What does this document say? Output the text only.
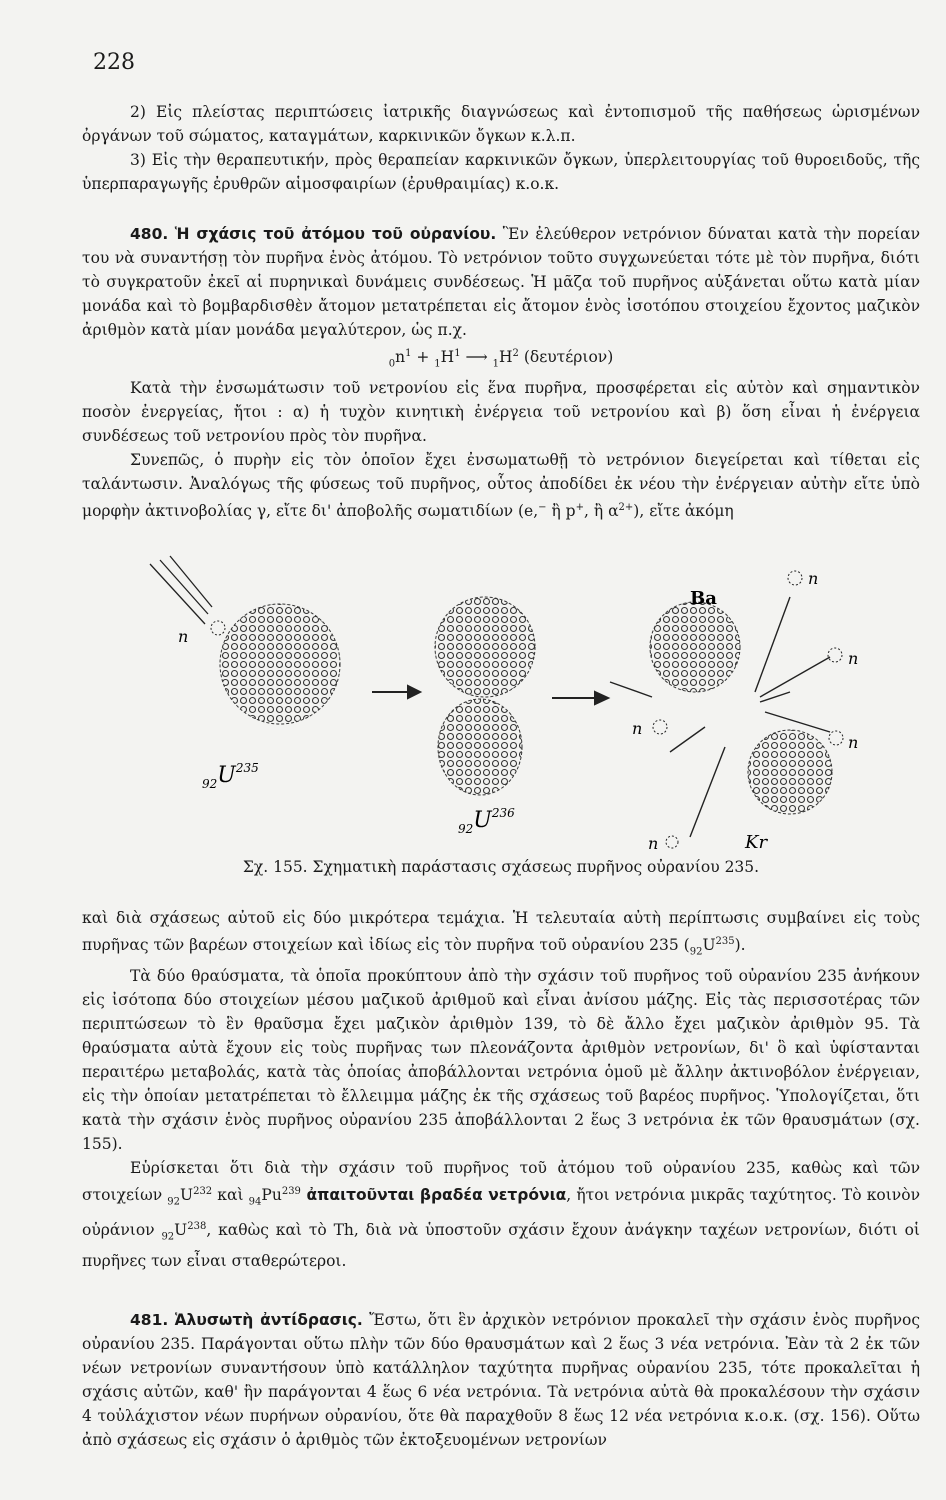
228

2) Εἰς πλείστας περιπτώσεις ἰατρικῆς διαγνώσεως καὶ ἐντοπισμοῦ τῆς παθήσεως ὡρισμένων ὀργάνων τοῦ σώματος, καταγμάτων, καρκινικῶν ὄγκων κ.λ.π.

3) Εἰς τὴν θεραπευτικήν, πρὸς θεραπείαν καρκινικῶν ὄγκων, ὑπερλειτουργίας τοῦ θυροειδοῦς, τῆς ὑπερπαραγωγῆς ἐρυθρῶν αἱμοσφαιρίων (ἐρυθραιμίας) κ.ο.κ.

480. Ἡ σχάσις τοῦ ἀτόμου τοῦ οὐρανίου. Ἓν ἐλεύθερον νετρόνιον δύναται κατὰ τὴν πορείαν του νὰ συναντήσῃ τὸν πυρῆνα ἑνὸς ἀτόμου. Τὸ νετρόνιον τοῦτο συγχωνεύεται τότε μὲ τὸν πυρῆνα, διότι τὸ συγκρατοῦν ἐκεῖ αἱ πυρηνικαὶ δυνάμεις συνδέσεως. Ἡ μᾶζα τοῦ πυρῆνος αὐξάνεται οὕτω κατὰ μίαν μονάδα καὶ τὸ βομβαρδισθὲν ἄτομον μετατρέπεται εἰς ἄτομον ἑνὸς ἰσοτόπου στοιχείου ἔχοντος μαζικὸν ἀριθμὸν κατὰ μίαν μονάδα μεγαλύτερον, ὡς π.χ.

$_0n^1 + _1H^1$ ⟶ $_1H^2$ (δευτέριον)

Κατὰ τὴν ἐνσωμάτωσιν τοῦ νετρονίου εἰς ἕνα πυρῆνα, προσφέρεται εἰς αὐτὸν καὶ σημαντικὸν ποσὸν ἐνεργείας, ἤτοι : α) ἡ τυχὸν κινητικὴ ἐνέργεια τοῦ νετρονίου καὶ β) ὅση εἶναι ἡ ἐνέργεια συνδέσεως τοῦ νετρονίου πρὸς τὸν πυρῆνα.

Συνεπῶς, ὁ πυρὴν εἰς τὸν ὁποῖον ἔχει ἐνσωματωθῇ τὸ νετρόνιον διεγείρεται καὶ τίθεται εἰς ταλάντωσιν. Ἀναλόγως τῆς φύσεως τοῦ πυρῆνος, οὗτος ἀποδίδει ἐκ νέου τὴν ἐνέργειαν αὐτὴν εἴτε ὑπὸ μορφὴν ἀκτινοβολίας γ, εἴτε δι' ἀποβολῆς σωματιδίων (e,− ἢ p+, ἢ $\alpha^{2+}$), εἴτε ἀκόμη

n
$_{92}U^{235}$
$_{92}U^{236}$
Ba
Kr
n
n
n
n
n
Σχ. 155. Σχηματικὴ παράστασις σχάσεως πυρῆνος οὐρανίου 235.

καὶ διὰ σχάσεως αὐτοῦ εἰς δύο μικρότερα τεμάχια. Ἡ τελευταία αὐτὴ περίπτωσις συμβαίνει εἰς τοὺς πυρῆνας τῶν βαρέων στοιχείων καὶ ἰδίως εἰς τὸν πυρῆνα τοῦ οὐρανίου 235 $(_{92}U^{235})$.

Τὰ δύο θραύσματα, τὰ ὁποῖα προκύπτουν ἀπὸ τὴν σχάσιν τοῦ πυρῆνος τοῦ οὐρανίου 235 ἀνήκουν εἰς ἰσότοπα δύο στοιχείων μέσου μαζικοῦ ἀριθμοῦ καὶ εἶναι ἀνίσου μάζης. Εἰς τὰς περισσοτέρας τῶν περιπτώσεων τὸ ἓν θραῦσμα ἔχει μαζικὸν ἀριθμὸν 139, τὸ δὲ ἄλλο ἔχει μαζικὸν ἀριθμὸν 95. Τὰ θραύσματα αὐτὰ ἔχουν εἰς τοὺς πυρῆνας των πλεονάζοντα ἀριθμὸν νετρονίων, δι' ὃ καὶ ὑφίστανται περαιτέρω μεταβολάς, κατὰ τὰς ὁποίας ἀποβάλλονται νετρόνια ὁμοῦ μὲ ἄλλην ἀκτινοβόλον ἐνέργειαν, εἰς τὴν ὁποίαν μετατρέπεται τὸ ἔλλειμμα μάζης ἐκ τῆς σχάσεως τοῦ βαρέος πυρῆνος. Ὑπολογίζεται, ὅτι κατὰ τὴν σχάσιν ἑνὸς πυρῆνος οὐρανίου 235 ἀποβάλλονται 2 ἕως 3 νετρόνια ἐκ τῶν θραυσμάτων (σχ. 155).

Εὑρίσκεται ὅτι διὰ τὴν σχάσιν τοῦ πυρῆνος τοῦ ἀτόμου τοῦ οὐρανίου 235, καθὼς καὶ τῶν στοιχείων $_{92}U^{232}$ καὶ $_{94}Pu^{239}$ ἀπαιτοῦνται βραδέα νετρόνια, ἤτοι νετρόνια μικρᾶς ταχύτητος. Τὸ κοινὸν οὐράνιον $_{92}U^{238}$, καθὼς καὶ τὸ Th, διὰ νὰ ὑποστοῦν σχάσιν ἔχουν ἀνάγκην ταχέων νετρονίων, διότι οἱ πυρῆνες των εἶναι σταθερώτεροι.

481. Ἁλυσωτὴ ἀντίδρασις. Ἔστω, ὅτι ἓν ἀρχικὸν νετρόνιον προκαλεῖ τὴν σχάσιν ἑνὸς πυρῆνος οὐρανίου 235. Παράγονται οὕτω πλὴν τῶν δύο θραυσμάτων καὶ 2 ἕως 3 νέα νετρόνια. Ἐὰν τὰ 2 ἐκ τῶν νέων νετρονίων συναντήσουν ὑπὸ κατάλληλον ταχύτητα πυρῆνας οὐρανίου 235, τότε προκαλεῖται ἡ σχάσις αὐτῶν, καθ' ἣν παράγονται 4 ἕως 6 νέα νετρόνια. Τὰ νετρόνια αὐτὰ θὰ προκαλέσουν τὴν σχάσιν 4 τοὐλάχιστον νέων πυρήνων οὐρανίου, ὅτε θὰ παραχθοῦν 8 ἕως 12 νέα νετρόνια κ.ο.κ. (σχ. 156). Οὕτω ἀπὸ σχάσεως εἰς σχάσιν ὁ ἀριθμὸς τῶν ἐκτοξευομένων νετρονίων
